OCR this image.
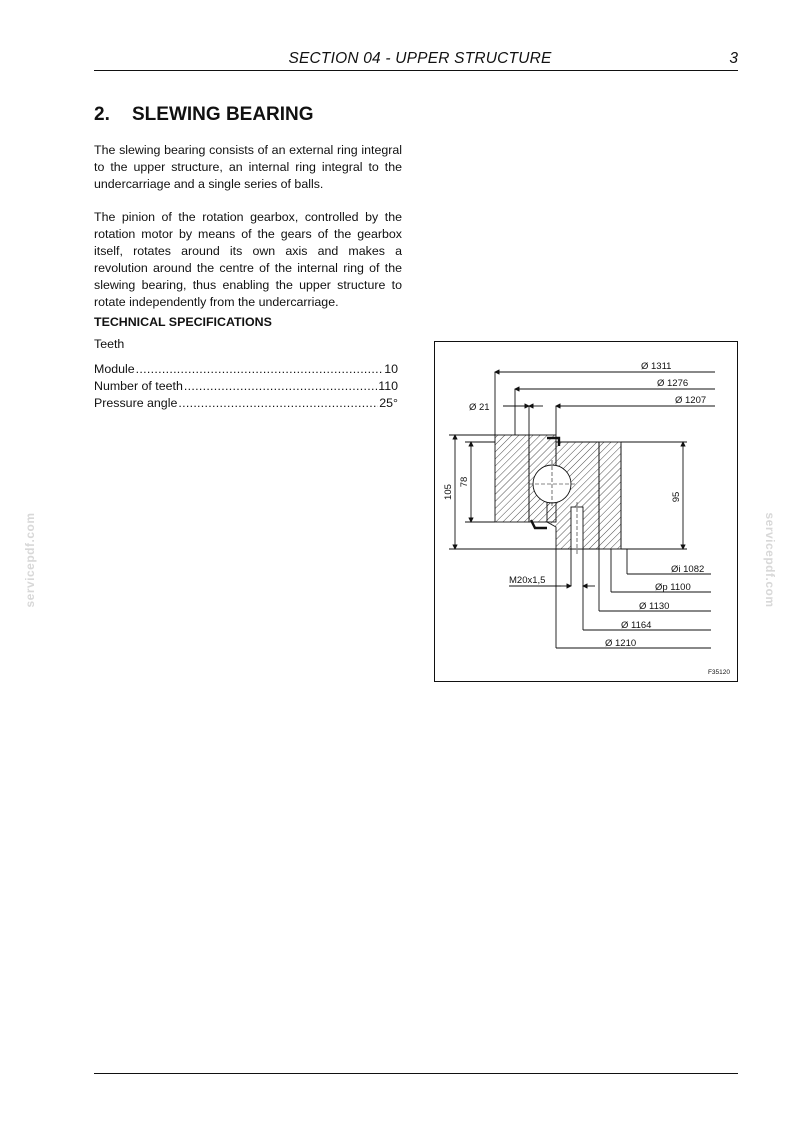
SECTION 04 - UPPER STRUCTURE	3
2. SLEWING BEARING

The slewing bearing consists of an external ring integral to the upper structure, an internal ring integral to the undercarriage and a single series of balls.

The pinion of the rotation gearbox, controlled by the rotation motor by means of the gears of the gearbox itself, rotates around its own axis and makes a revolution around the centre of the internal ring of the slewing bearing, thus enabling the upper structure to rotate independently from the undercarriage.

TECHNICAL SPECIFICATIONS

Teeth

Module .....	10
Number of teeth .....	110
Pressure angle .....	25°
Ø 1311
Ø 1276
Ø 1207
Ø 21
105
78
95
M20x1,5
Øi 1082
Øp 1100
Ø 1130
Ø 1164
Ø 1210
F35120
servicepdf.com	servicepdf.com
